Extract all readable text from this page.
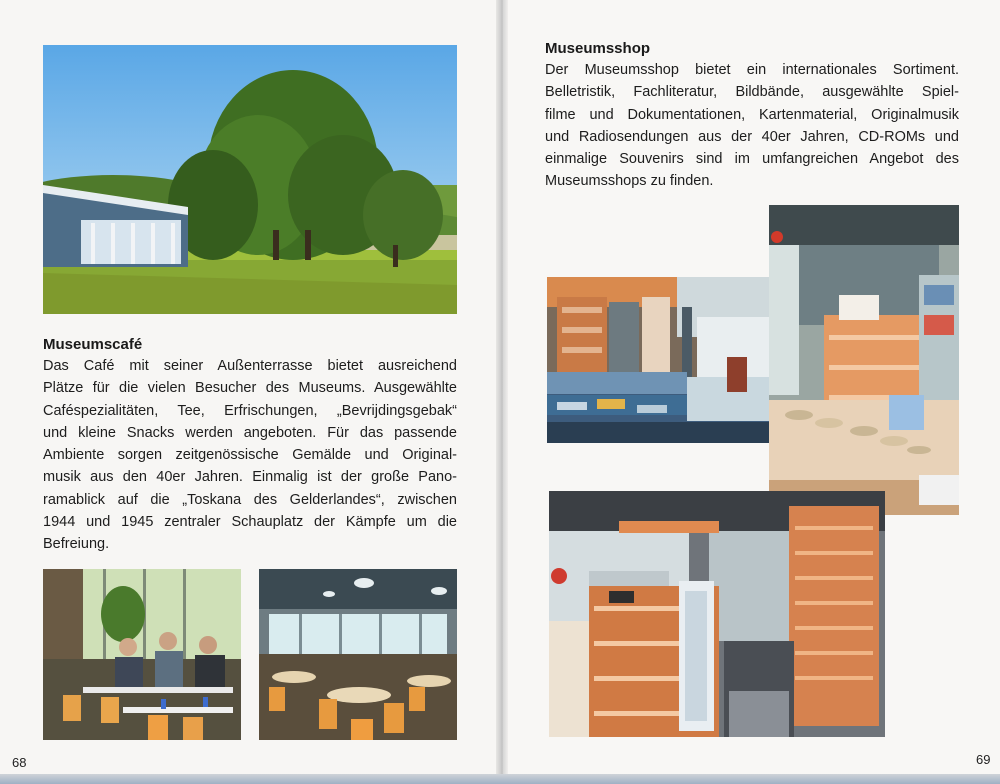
Museumscafé
Das Café mit seiner Außenterrasse bietet ausreichend
Plätze für die vielen Besucher des Museums. Ausgewählte
Caféspezialitäten, Tee, Erfrischungen, „Bevrijdingsgebak“
und kleine Snacks werden angeboten. Für das passende
Ambiente sorgen zeitgenössische Gemälde und Original-
musik aus den 40er Jahren. Einmalig ist der große Pano-
ramablick auf die „Toskana des Gelderlandes“, zwischen
1944 und 1945 zentraler Schauplatz der Kämpfe um die
Befreiung.
68
Museumsshop
Der Museumsshop bietet ein internationales Sortiment.
Belletristik, Fachliteratur, Bildbände, ausgewählte Spiel-
filme und Dokumentationen, Kartenmaterial, Originalmusik
und Radiosendungen aus der 40er Jahren, CD-ROMs und
einmalige Souvenirs sind im umfangreichen Angebot des
Museumsshops zu finden.
69
